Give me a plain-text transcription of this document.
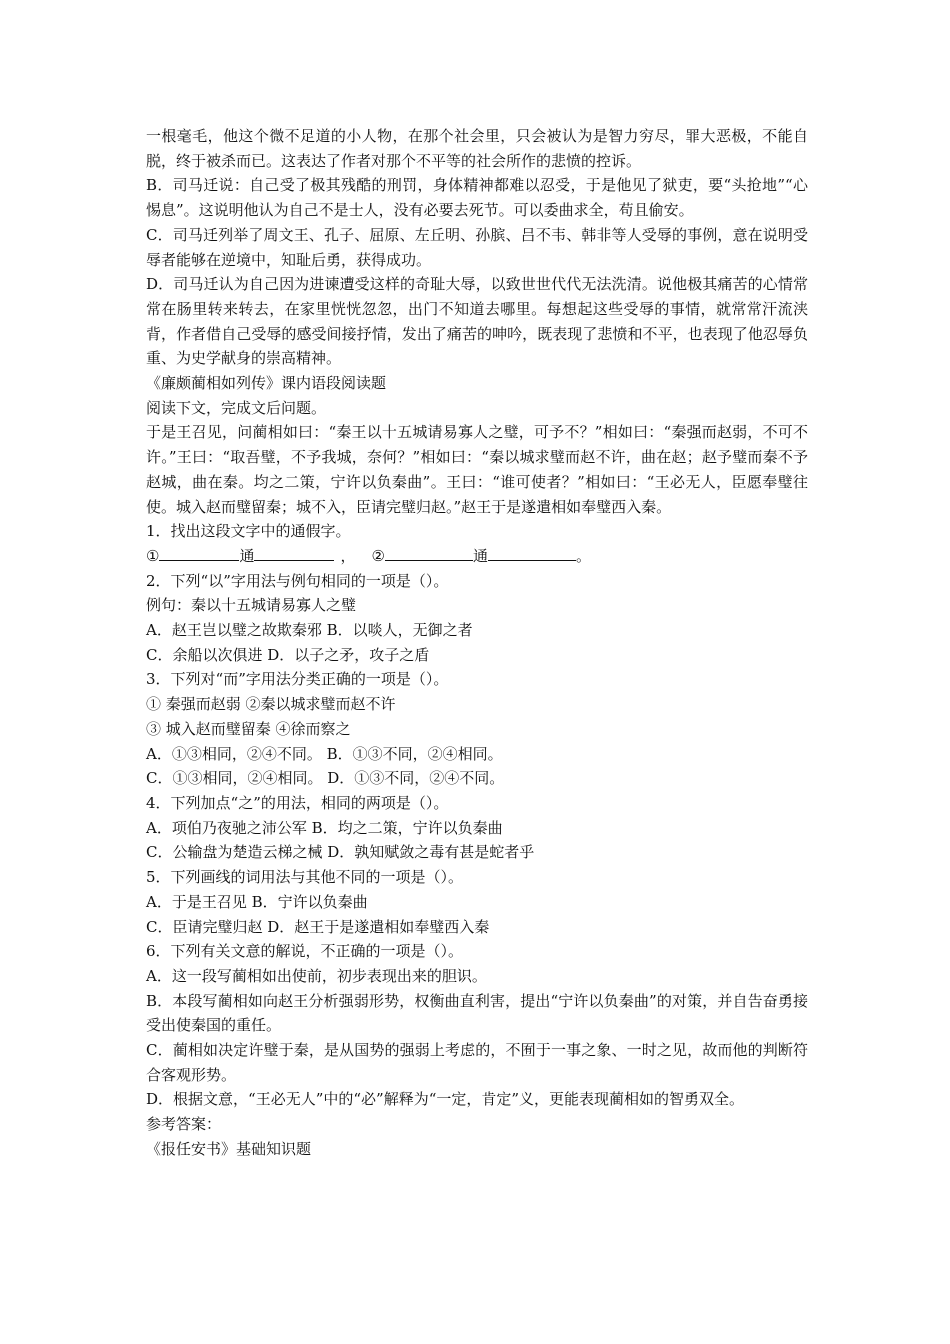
一根毫毛，他这个微不足道的小人物，在那个社会里，只会被认为是智力穷尽，罪大恶极，不能自脱，终于被杀而已。这表达了作者对那个不平等的社会所作的悲愤的控诉。
B．司马迁说：自己受了极其残酷的刑罚，身体精神都难以忍受，于是他见了狱吏，要“头抢地”“心惕息”。这说明他认为自己不是士人，没有必要去死节。可以委曲求全，苟且偷安。
C．司马迁列举了周文王、孔子、屈原、左丘明、孙膑、吕不韦、韩非等人受辱的事例，意在说明受辱者能够在逆境中，知耻后勇，获得成功。
D．司马迁认为自己因为进谏遭受这样的奇耻大辱，以致世世代代无法洗清。说他极其痛苦的心情常常在肠里转来转去，在家里恍恍忽忽，出门不知道去哪里。每想起这些受辱的事情，就常常汗流浃背，作者借自己受辱的感受间接抒情，发出了痛苦的呻吟，既表现了悲愤和不平，也表现了他忍辱负重、为史学献身的崇高精神。
《廉颇蔺相如列传》课内语段阅读题
阅读下文，完成文后问题。
于是王召见，问蔺相如曰：“秦王以十五城请易寡人之璧，可予不？”相如曰：“秦强而赵弱，不可不许。”王曰：“取吾璧，不予我城，奈何？”相如曰：“秦以城求璧而赵不许，曲在赵；赵予璧而秦不予赵城，曲在秦。均之二策，宁许以负秦曲”。王曰：“谁可使者？”相如曰：“王必无人，臣愿奉璧往使。城入赵而璧留秦；城不入，臣请完璧归赵。”赵王于是遂遣相如奉璧西入秦。
1．找出这段文字中的通假字。
①	通	， ②	通	。
2．下列“以”字用法与例句相同的一项是（）。
例句：秦以十五城请易寡人之璧
A．赵王岂以璧之故欺秦邪 B．以啖人，无御之者
C．余船以次俱进 D．以子之矛，攻子之盾
3．下列对“而”字用法分类正确的一项是（）。
① 秦强而赵弱 ②秦以城求璧而赵不许
③ 城入赵而璧留秦 ④徐而察之
A．①③相同，②④不同。 B．①③不同，②④相同。
C．①③相同，②④相同。 D．①③不同，②④不同。
4．下列加点“之”的用法，相同的两项是（）。
A．项伯乃夜驰之沛公军 B．均之二策，宁许以负秦曲
C．公输盘为楚造云梯之械 D．孰知赋敛之毒有甚是蛇者乎
5．下列画线的词用法与其他不同的一项是（）。
A．于是王召见 B．宁许以负秦曲
C．臣请完璧归赵 D．赵王于是遂遣相如奉璧西入秦
6．下列有关文意的解说，不正确的一项是（）。
A．这一段写蔺相如出使前，初步表现出来的胆识。
B．本段写蔺相如向赵王分析强弱形势，权衡曲直利害，提出“宁许以负秦曲”的对策，并自告奋勇接受出使秦国的重任。
C．蔺相如决定许璧于秦，是从国势的强弱上考虑的，不囿于一事之象、一时之见，故而他的判断符合客观形势。
D．根据文意，“王必无人”中的“必”解释为“一定，肯定”义，更能表现蔺相如的智勇双全。
参考答案：
《报任安书》基础知识题
